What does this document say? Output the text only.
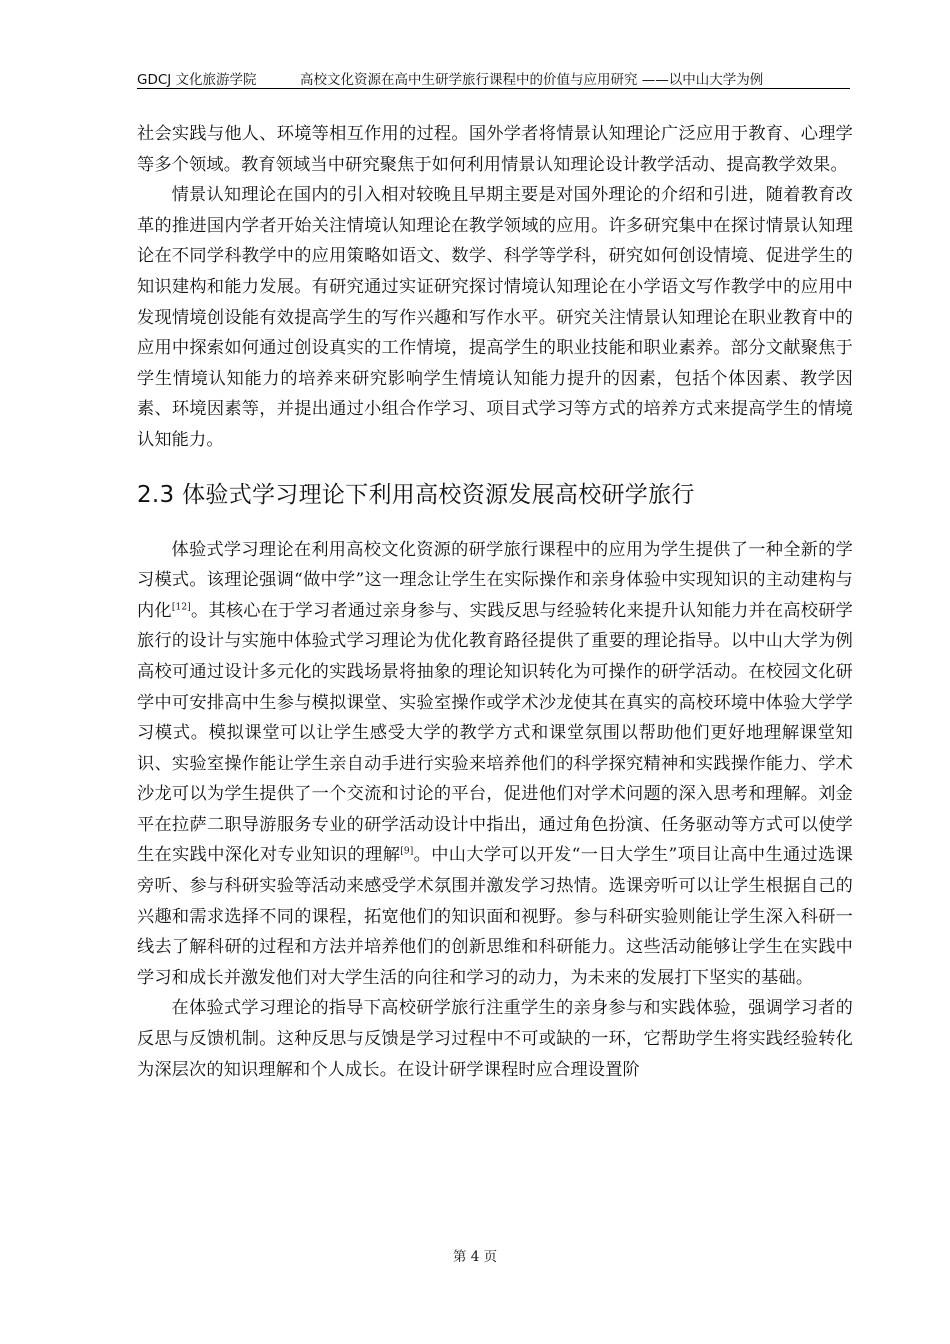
GDCJ 文化旅游学院	高校文化资源在高中生研学旅行课程中的价值与应用研究 ——以中山大学为例

社会实践与他人、环境等相互作用的过程。国外学者将情景认知理论广泛应用于教育、心理学等多个领域。教育领域当中研究聚焦于如何利用情景认知理论设计教学活动、提高教学效果。

情景认知理论在国内的引入相对较晚且早期主要是对国外理论的介绍和引进，随着教育改革的推进国内学者开始关注情境认知理论在教学领域的应用。许多研究集中在探讨情景认知理论在不同学科教学中的应用策略如语文、数学、科学等学科，研究如何创设情境、促进学生的知识建构和能力发展。有研究通过实证研究探讨情境认知理论在小学语文写作教学中的应用中发现情境创设能有效提高学生的写作兴趣和写作水平。研究关注情景认知理论在职业教育中的应用中探索如何通过创设真实的工作情境，提高学生的职业技能和职业素养。部分文献聚焦于学生情境认知能力的培养来研究影响学生情境认知能力提升的因素，包括个体因素、教学因素、环境因素等，并提出通过小组合作学习、项目式学习等方式的培养方式来提高学生的情境认知能力。

2.3 体验式学习理论下利用高校资源发展高校研学旅行

体验式学习理论在利用高校文化资源的研学旅行课程中的应用为学生提供了一种全新的学习模式。该理论强调“做中学”这一理念让学生在实际操作和亲身体验中实现知识的主动建构与内化[12]。其核心在于学习者通过亲身参与、实践反思与经验转化来提升认知能力并在高校研学旅行的设计与实施中体验式学习理论为优化教育路径提供了重要的理论指导。以中山大学为例高校可通过设计多元化的实践场景将抽象的理论知识转化为可操作的研学活动。在校园文化研学中可安排高中生参与模拟课堂、实验室操作或学术沙龙使其在真实的高校环境中体验大学学习模式。模拟课堂可以让学生感受大学的教学方式和课堂氛围以帮助他们更好地理解课堂知识、实验室操作能让学生亲自动手进行实验来培养他们的科学探究精神和实践操作能力、学术沙龙可以为学生提供了一个交流和讨论的平台，促进他们对学术问题的深入思考和理解。刘金平在拉萨二职导游服务专业的研学活动设计中指出，通过角色扮演、任务驱动等方式可以使学生在实践中深化对专业知识的理解[9]。中山大学可以开发“一日大学生”项目让高中生通过选课旁听、参与科研实验等活动来感受学术氛围并激发学习热情。选课旁听可以让学生根据自己的兴趣和需求选择不同的课程，拓宽他们的知识面和视野。参与科研实验则能让学生深入科研一线去了解科研的过程和方法并培养他们的创新思维和科研能力。这些活动能够让学生在实践中学习和成长并激发他们对大学生活的向往和学习的动力，为未来的发展打下坚实的基础。

在体验式学习理论的指导下高校研学旅行注重学生的亲身参与和实践体验，强调学习者的反思与反馈机制。这种反思与反馈是学习过程中不可或缺的一环，它帮助学生将实践经验转化为深层次的知识理解和个人成长。在设计研学课程时应合理设置阶

第 4 页
